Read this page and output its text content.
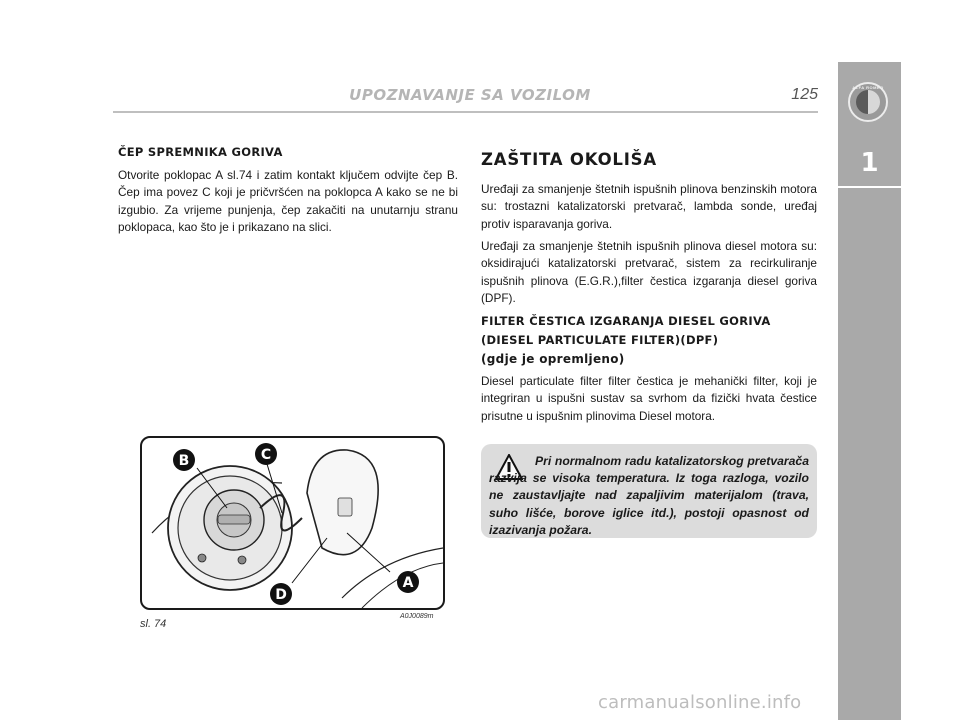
UPOZNAVANJE SA VOZILOM	125	ALFA ROMEO
1
ČEP SPREMNIKA GORIVA

Otvorite poklopac A sl.74 i zatim kontakt ključem odvijte čep B. Čep ima povez C koji je pričvršćen na poklopca A kako se ne bi izgubio. Za vrijeme punjenja, čep zakačiti na unutarnju stranu poklopaca, kao što je i prikazano na slici.

B	C
A
D
A0J0089m
sl. 74
ZAŠTITA OKOLIŠA

Uređaji za smanjenje štetnih ispušnih plinova benzinskih motora su: trostazni katalizatorski pretvarač, lambda sonde, uređaj protiv isparavanja goriva.

Uređaji za smanjenje štetnih ispušnih plinova diesel motora su: oksidirajući katalizatorski pretvarač, sistem za recirkuliranje ispušnih plinova (E.G.R.),filter čestica izgaranja diesel goriva (DPF).

FILTER ČESTICA IZGARANJA DIESEL GORIVA
(DIESEL PARTICULATE FILTER)(DPF)
(gdje je opremljeno)

Diesel particulate filter filter čestica je mehanički filter, koji je integriran u ispušni sustav sa svrhom da fizički hvata čestice prisutne u ispušnim plinovima Diesel motora.

Pri normalnom radu katalizatorskog pretvarača razvija se visoka temperatura. Iz toga razloga, vozilo ne zaustavljajte nad zapaljivim materijalom (trava, suho lišće, borove iglice itd.), postoji opasnost od izazivanja požara.

carmanualsonline.info
